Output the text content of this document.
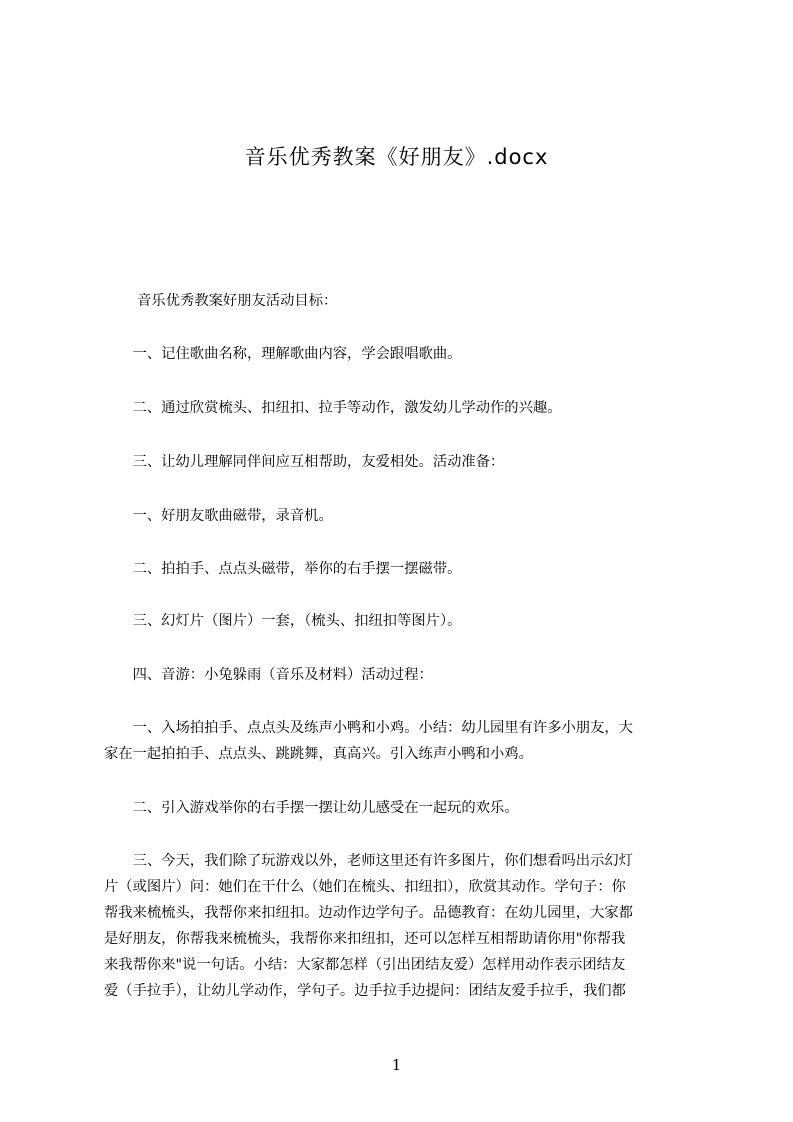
音乐优秀教案《好朋友》.docx
　　 音乐优秀教案好朋友活动目标：
　　一、记住歌曲名称，理解歌曲内容，学会跟唱歌曲。
　　二、通过欣赏梳头、扣纽扣、拉手等动作，激发幼儿学动作的兴趣。
　　三、让幼儿理解同伴间应互相帮助，友爱相处。活动准备：
　　一、好朋友歌曲磁带，录音机。
　　二、拍拍手、点点头磁带，举你的右手摆一摆磁带。
　　三、幻灯片（图片）一套，（梳头、扣纽扣等图片）。
　　四、音游：小兔躲雨（音乐及材料）活动过程：
　　一、入场拍拍手、点点头及练声小鸭和小鸡。小结：幼儿园里有许多小朋友，大
家在一起拍拍手、点点头、跳跳舞，真高兴。引入练声小鸭和小鸡。
　　二、引入游戏举你的右手摆一摆让幼儿感受在一起玩的欢乐。
　　三、今天，我们除了玩游戏以外，老师这里还有许多图片，你们想看吗出示幻灯
片（或图片）问：她们在干什么（她们在梳头、扣纽扣），欣赏其动作。学句子：你
帮我来梳梳头，我帮你来扣纽扣。边动作边学句子。品德教育：在幼儿园里，大家都
是好朋友，你帮我来梳梳头，我帮你来扣纽扣，还可以怎样互相帮助请你用"你帮我
来我帮你来"说一句话。小结：大家都怎样（引出团结友爱）怎样用动作表示团结友
爱（手拉手），让幼儿学动作，学句子。边手拉手边提问：团结友爱手拉手，我们都
1
